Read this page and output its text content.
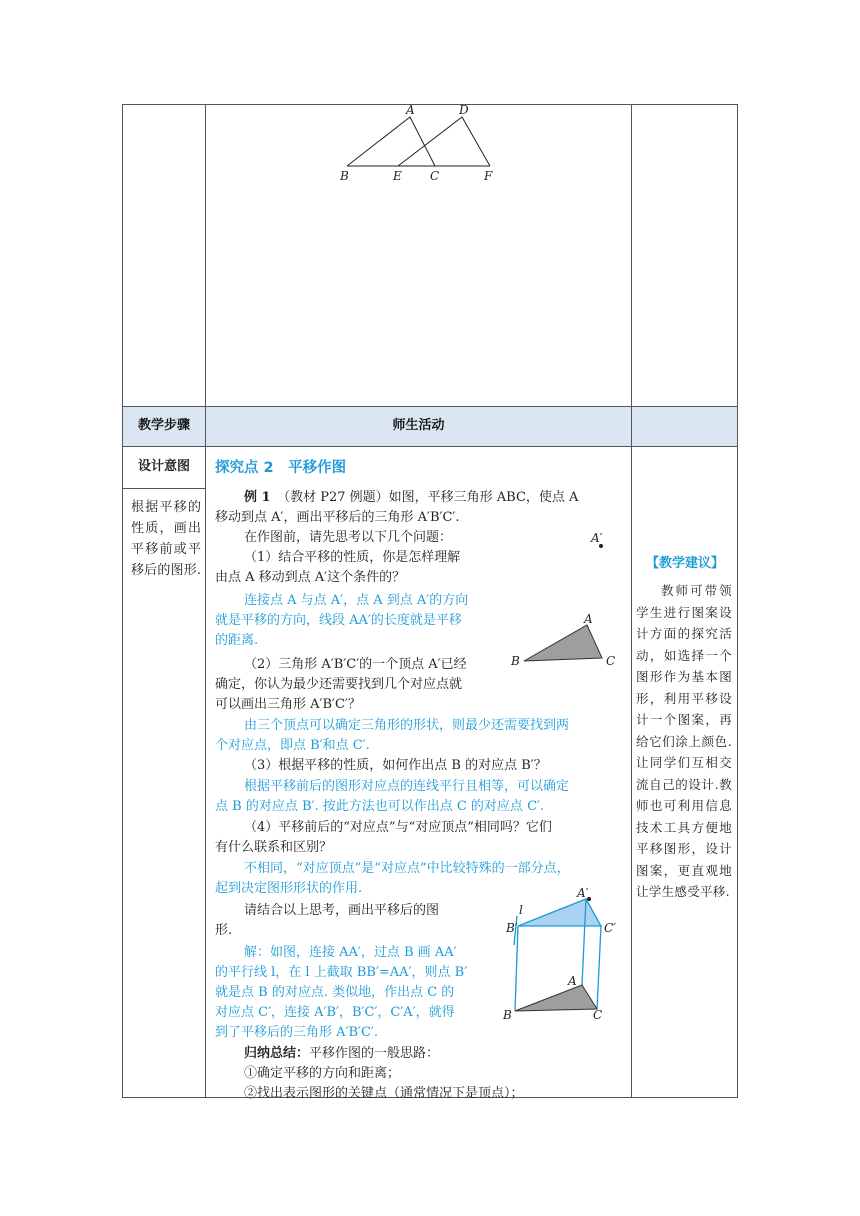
A	D
B	E C	F
教学步骤	师生活动
设计意图
根据平移的性质，画出平移前或平移后的图形.	【教学建议】
教师可带领学生进行图案设计方面的探究活动，如选择一个图形作为基本图形，利用平移设计一个图案，再给它们涂上颜色.让同学们互相交流自己的设计.教师也可利用信息技术工具方便地平移图形，设计图案，更直观地让学生感受平移.
探究点 2　平移作图
例 1　（教材 P27 例题）如图，平移三角形 ABC，使点 A
移动到点 A′，画出平移后的三角形 A′B′C′.
在作图前，请先思考以下几个问题：
（1）结合平移的性质，你是怎样理解
由点 A 移动到点 A′这个条件的？
连接点 A 与点 A′，点 A 到点 A′的方向
就是平移的方向，线段 AA′的长度就是平移
的距离.
（2）三角形 A′B′C′的一个顶点 A′已经
确定，你认为最少还需要找到几个对应点就
可以画出三角形 A′B′C′？
由三个顶点可以确定三角形的形状，则最少还需要找到两
个对应点，即点 B′和点 C′.
（3）根据平移的性质，如何作出点 B 的对应点 B′？
根据平移前后的图形对应点的连线平行且相等，可以确定
点 B 的对应点 B′. 按此方法也可以作出点 C 的对应点 C′.
（4）平移前后的“对应点”与“对应顶点”相同吗？它们
有什么联系和区别？
不相同，“对应顶点”是“对应点”中比较特殊的一部分点，
起到决定图形形状的作用.
请结合以上思考，画出平移后的图
形.
解：如图，连接 AA′，过点 B 画 AA′
的平行线 l，在 l 上截取 BB′=AA′，则点 B′
就是点 B 的对应点. 类似地，作出点 C 的
对应点 C′，连接 A′B′，B′C′，C′A′，就得
到了平移后的三角形 A′B′C′.
归纳总结：平移作图的一般思路：
①确定平移的方向和距离；
②找出表示图形的关键点（通常情况下是顶点）；
A′
A
B	C
A′
l
B′	C′
A
B	C
